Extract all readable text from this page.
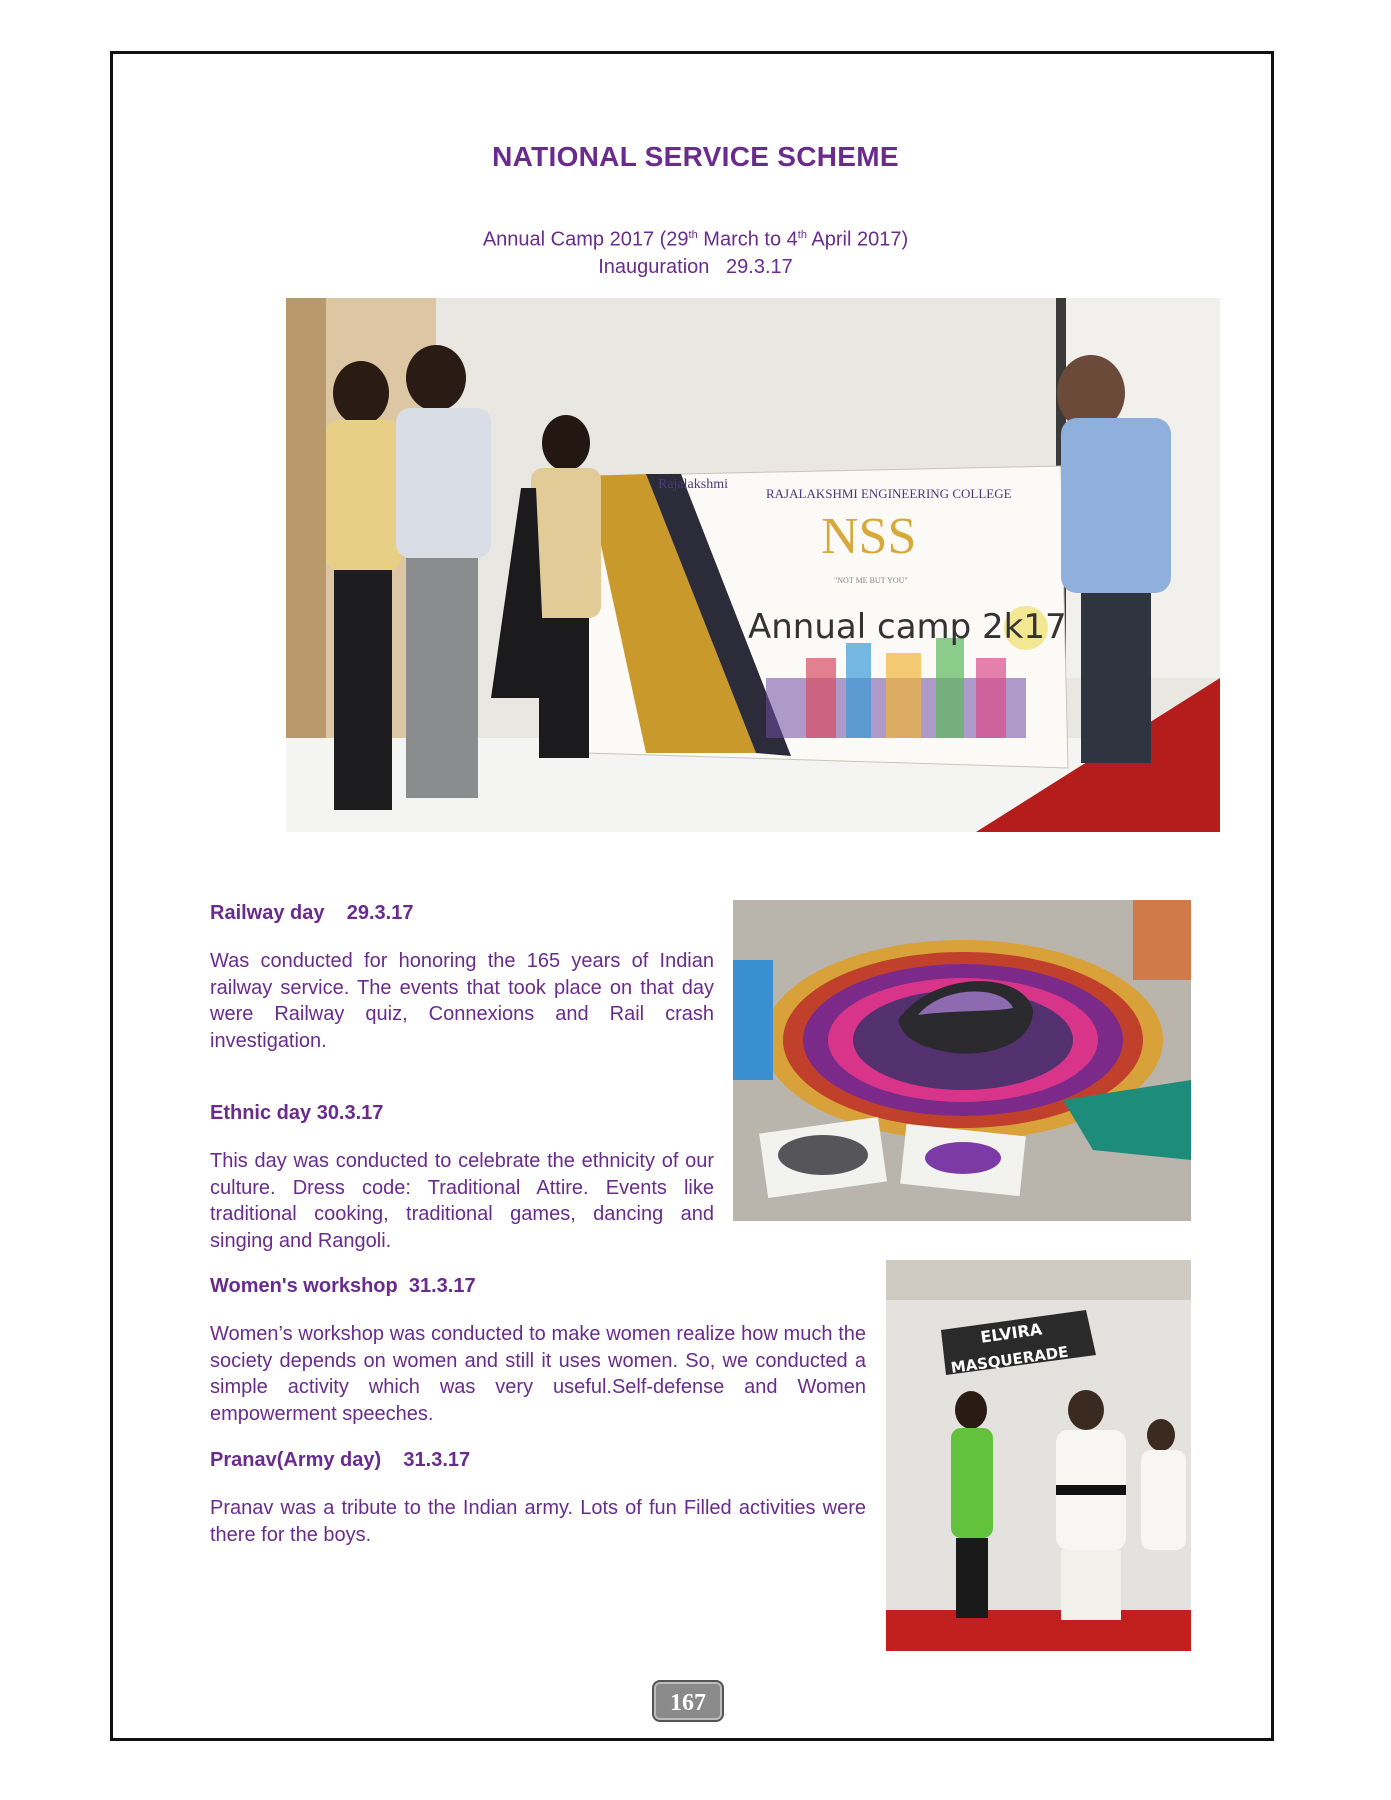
NATIONAL SERVICE SCHEME
Annual Camp 2017 (29th March to 4th April 2017)
Inauguration   29.3.17
Rajalakshmi
RAJALAKSHMI ENGINEERING COLLEGE
NSS
"NOT ME BUT YOU"
Annual camp 2k17
Railway day    29.3.17
Was conducted for honoring the 165 years of Indian railway service. The events that took place on that day were Railway quiz, Connexions and Rail crash investigation.
Ethnic day 30.3.17
This day was conducted to celebrate the ethnicity of our culture. Dress code: Traditional Attire. Events like traditional cooking, traditional games, dancing and singing and Rangoli.
Women's workshop  31.3.17
Women’s workshop was conducted to make women realize how much the society depends on women and still it uses women. So, we conducted a simple activity which was very useful.Self-defense and Women empowerment speeches.
Pranav(Army day)    31.3.17
Pranav was a tribute to the Indian army. Lots of fun Filled activities were there for the boys.
ELVIRA
MASQUERADE
167
